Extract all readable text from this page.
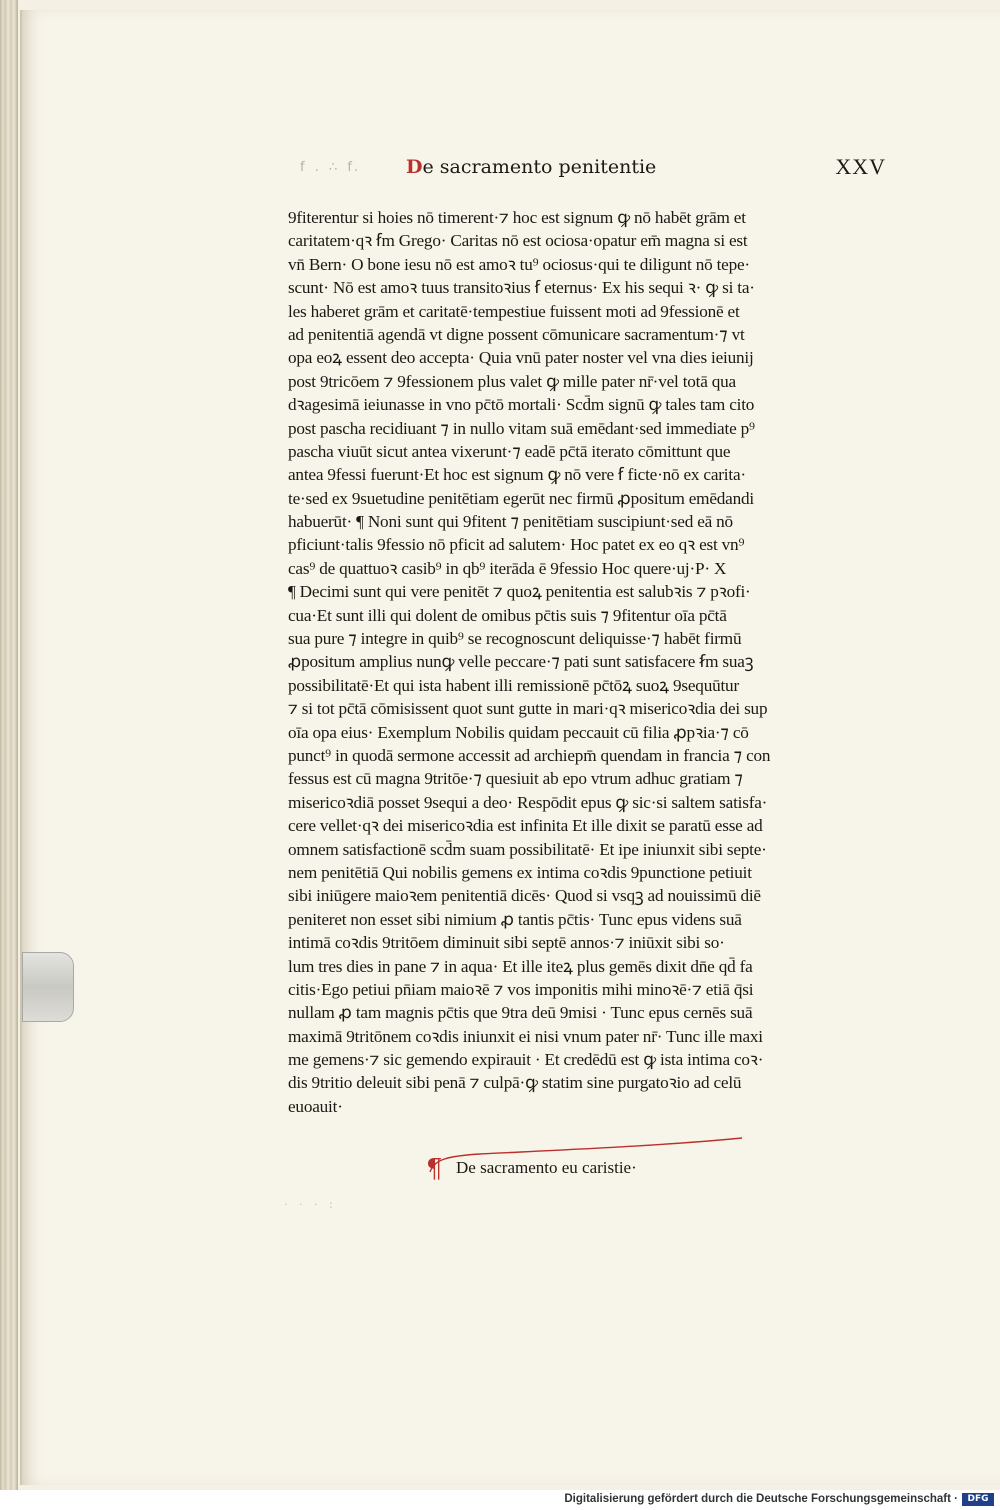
f . ∴ f. De sacramento penitentie	XXV
9fiterentur si hoies nō timerent·⁊ hoc est signum ꝙ nō habēt grām et
caritatem·qꝛ ẜm Grego· Caritas nō est ociosa·opatur em̄ magna si est
vn̄ Bern· O bone iesu nō est amoꝛ tu⁹ ociosus·qui te diligunt nō tepe·
scunt· Nō est amoꝛ tuus transitoꝛius ẜ eternus· Ex his sequi ꝛ· ꝙ si ta·
les haberet grām et caritatē·tempestiue fuissent moti ad 9fessionē et
ad penitentiā agendā vt digne possent cōmunicare sacramentum·⁊ vt
opa eoꝝ essent deo accepta· Quia vnū pater noster vel vna dies ieiunij
post 9tricōem ⁊ 9fessionem plus valet ꝙ mille pater nr̄·vel totā qua
dꝛagesimā ieiunasse in vno pc̄tō mortali· Scd̄m signū ꝙ tales tam cito
post pascha recidiuant ⁊ in nullo vitam suā emēdant·sed immediate p⁹
pascha viuūt sicut antea vixerunt·⁊ eadē pc̄tā iterato cōmittunt que
antea 9fessi fuerunt·Et hoc est signum ꝙ nō vere ẜ ficte·nō ex carita·
te·sed ex 9suetudine penitētiam egerūt nec firmū ꝓpositum emēdandi
habuerūt· ¶ Noni sunt qui 9fitent ⁊ penitētiam suscipiunt·sed eā nō
pficiunt·talis 9fessio nō pficit ad salutem· Hoc patet ex eo qꝛ est vn⁹
cas⁹ de quattuoꝛ casib⁹ in qb⁹ iterāda ē 9fessio Hoc quere·uj·P· X
¶ Decimi sunt qui vere penitēt ⁊ quoꝝ penitentia est salubꝛis ⁊ pꝛofi·
cua·Et sunt illi qui dolent de omibus pc̄tis suis ⁊ 9fitentur oīa pc̄tā
sua pure ⁊ integre in quib⁹ se recognoscunt deliquisse·⁊ habēt firmū
ꝓpositum amplius nunꝙ velle peccare·⁊ pati sunt satisfacere ẜm suaꝫ
possibilitatē·Et qui ista habent illi remissionē pc̄tōꝝ suoꝝ 9sequūtur
⁊ si tot pc̄tā cōmisissent quot sunt gutte in mari·qꝛ misericoꝛdia dei sup
oīa opa eius· Exemplum Nobilis quidam peccauit cū filia ꝓpꝛia·⁊ cō
punct⁹ in quodā sermone accessit ad archiepm̄ quendam in francia ⁊ con
fessus est cū magna 9tritōe·⁊ quesiuit ab epo vtrum adhuc gratiam ⁊
misericoꝛdiā posset 9sequi a deo· Respōdit epus ꝙ sic·si saltem satisfa·
cere vellet·qꝛ dei misericoꝛdia est infinita Et ille dixit se paratū esse ad
omnem satisfactionē scd̄m suam possibilitatē· Et ipe iniunxit sibi septe·
nem penitētiā Qui nobilis gemens ex intima coꝛdis 9punctione petiuit
sibi iniūgere maioꝛem penitentiā dicēs· Quod si vsqꝫ ad nouissimū diē
peniteret non esset sibi nimium ꝓ tantis pc̄tis· Tunc epus videns suā
intimā coꝛdis 9tritōem diminuit sibi septē annos·⁊ iniūxit sibi so·
lum tres dies in pane ⁊ in aqua· Et ille iteꝝ plus gemēs dixit dn̄e qd̄ fa
citis·Ego petiui pn̄iam maioꝛē ⁊ vos imponitis mihi minoꝛē·⁊ etiā q̄si
nullam ꝓ tam magnis pc̄tis que 9tra deū 9misi · Tunc epus cernēs suā
maximā 9tritōnem coꝛdis iniunxit ei nisi vnum pater nr̄· Tunc ille maxi
me gemens·⁊ sic gemendo expirauit · Et credēdū est ꝙ ista intima coꝛ·
dis 9tritio deleuit sibi penā ⁊ culpā·ꝙ statim sine purgatoꝛio ad celū
euoauit·
¶ De sacramento eu caristie·
· · · :
Digitalisierung gefördert durch die Deutsche Forschungsgemeinschaft ·	DFG
